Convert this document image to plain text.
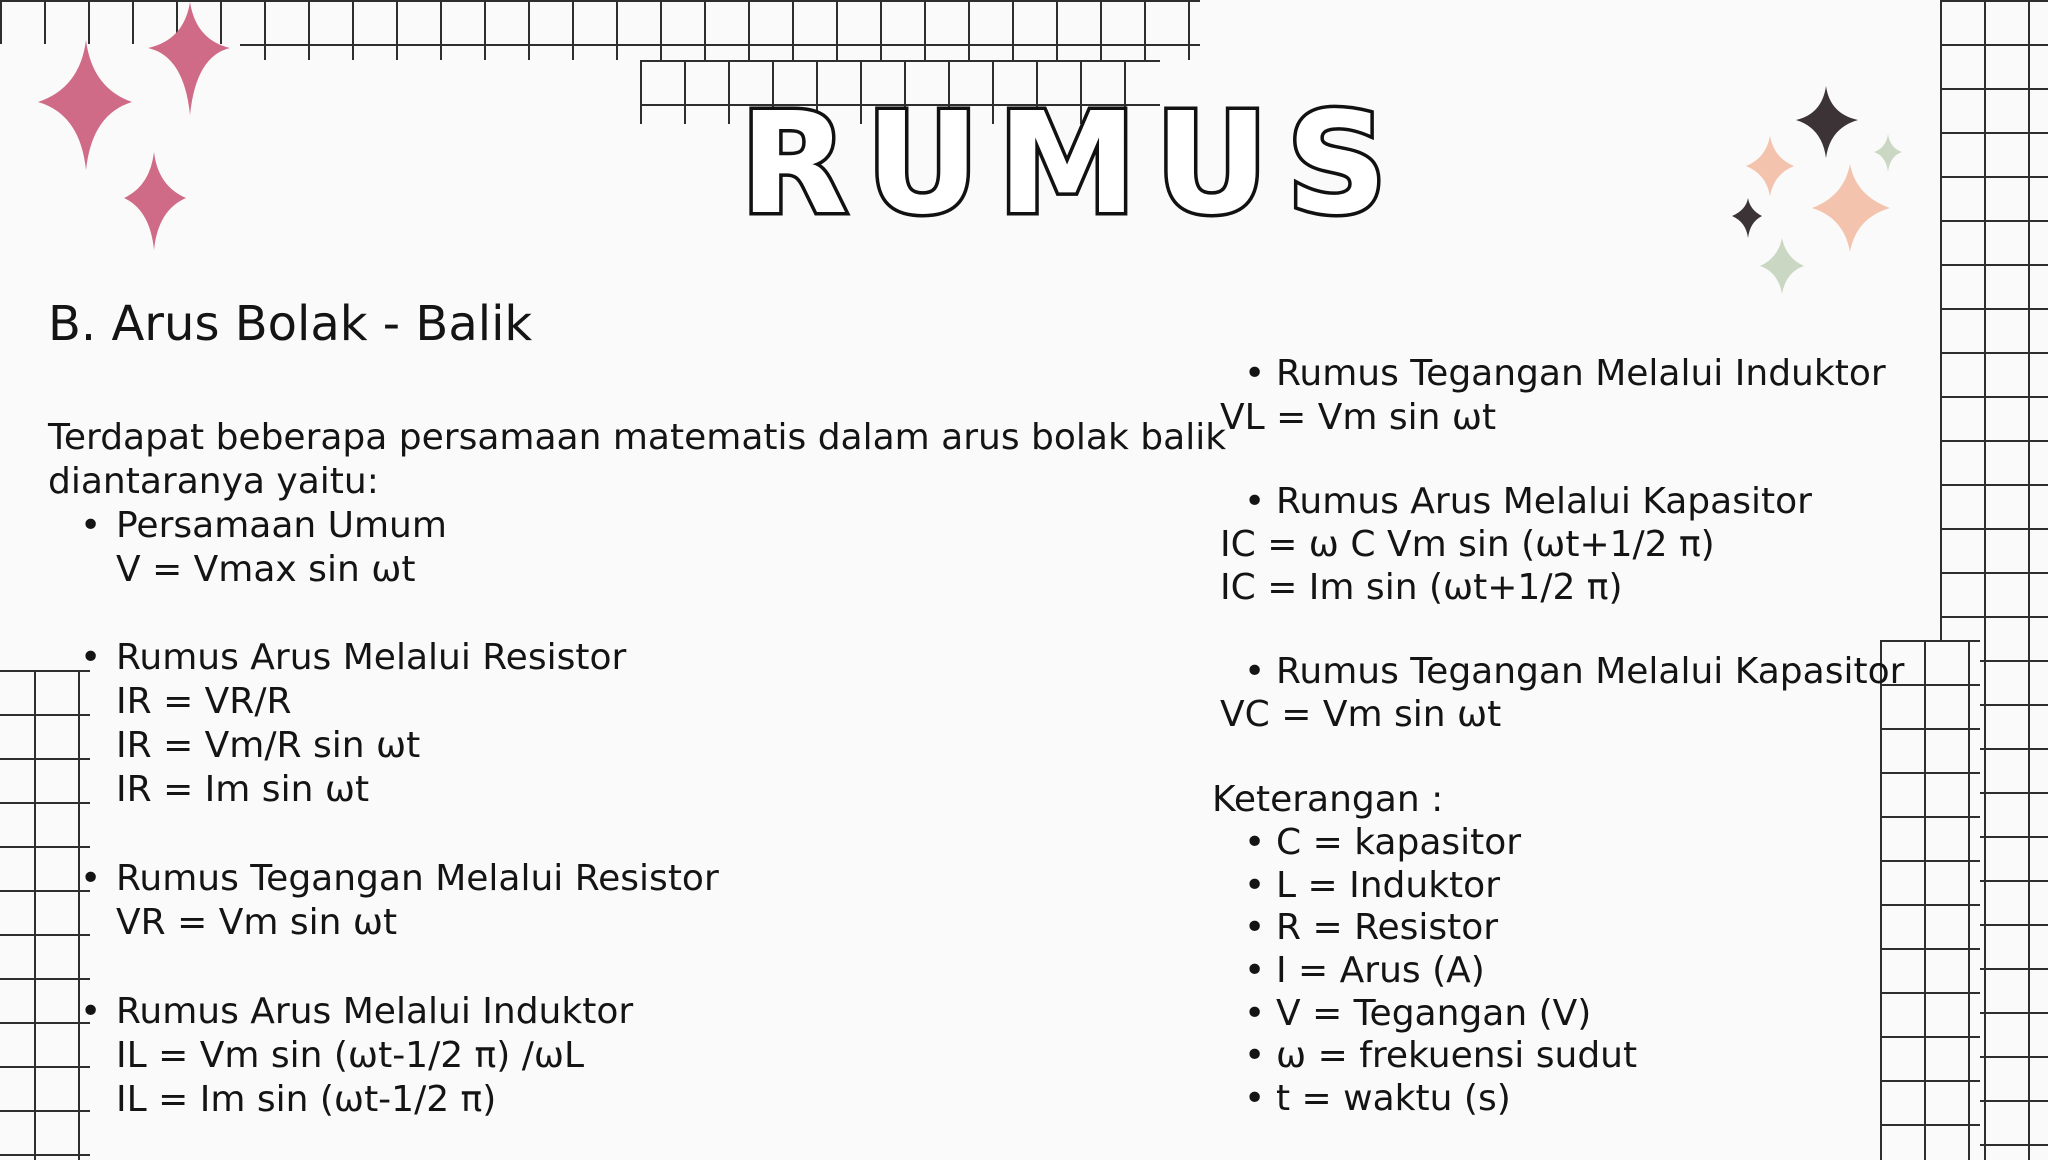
RUMUS
B. Arus Bolak - Balik
Terdapat beberapa persamaan matematis dalam arus bolak balik
diantaranya yaitu:
• Persamaan Umum
V = Vmax sin ωt
• Rumus Arus Melalui Resistor
IR = VR/R
IR = Vm/R sin ωt
IR = Im sin ωt
• Rumus Tegangan Melalui Resistor
VR = Vm sin ωt
• Rumus Arus Melalui Induktor
IL = Vm sin (ωt-1/2 π) /ωL
IL = Im sin (ωt-1/2 π)
• Rumus Tegangan Melalui Induktor
VL = Vm sin ωt
• Rumus Arus Melalui Kapasitor
IC = ω C Vm sin (ωt+1/2 π)
IC = Im sin (ωt+1/2 π)
• Rumus Tegangan Melalui Kapasitor
VC = Vm sin ωt
Keterangan :
• C = kapasitor
• L = Induktor
• R = Resistor
• I = Arus (A)
• V = Tegangan (V)
• ω = frekuensi sudut
• t = waktu (s)
